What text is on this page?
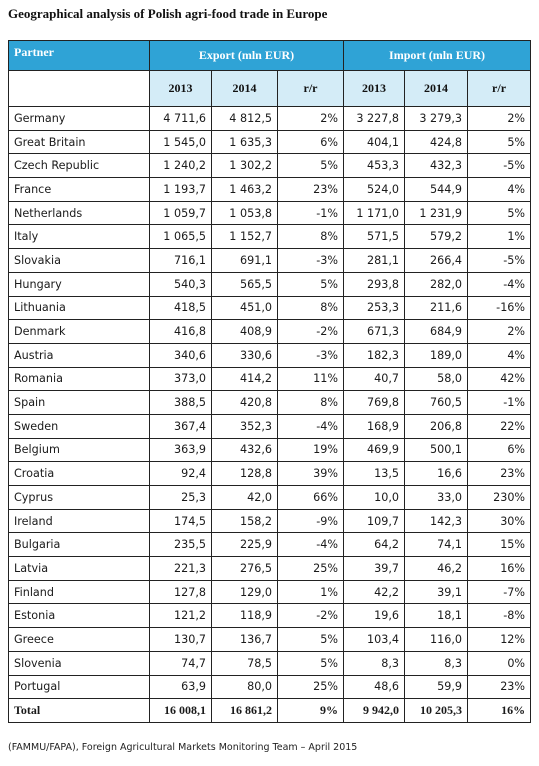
Geographical analysis of Polish agri-food trade in Europe
Partner	Export (mln EUR)			Import (mln EUR)		
	2013	2014	r/r	2013	2014	r/r
Germany	4 711,6	4 812,5	2%	3 227,8	3 279,3	2%
Great Britain	1 545,0	1 635,3	6%	404,1	424,8	5%
Czech Republic	1 240,2	1 302,2	5%	453,3	432,3	-5%
France	1 193,7	1 463,2	23%	524,0	544,9	4%
Netherlands	1 059,7	1 053,8	-1%	1 171,0	1 231,9	5%
Italy	1 065,5	1 152,7	8%	571,5	579,2	1%
Slovakia	716,1	691,1	-3%	281,1	266,4	-5%
Hungary	540,3	565,5	5%	293,8	282,0	-4%
Lithuania	418,5	451,0	8%	253,3	211,6	-16%
Denmark	416,8	408,9	-2%	671,3	684,9	2%
Austria	340,6	330,6	-3%	182,3	189,0	4%
Romania	373,0	414,2	11%	40,7	58,0	42%
Spain	388,5	420,8	8%	769,8	760,5	-1%
Sweden	367,4	352,3	-4%	168,9	206,8	22%
Belgium	363,9	432,6	19%	469,9	500,1	6%
Croatia	92,4	128,8	39%	13,5	16,6	23%
Cyprus	25,3	42,0	66%	10,0	33,0	230%
Ireland	174,5	158,2	-9%	109,7	142,3	30%
Bulgaria	235,5	225,9	-4%	64,2	74,1	15%
Latvia	221,3	276,5	25%	39,7	46,2	16%
Finland	127,8	129,0	1%	42,2	39,1	-7%
Estonia	121,2	118,9	-2%	19,6	18,1	-8%
Greece	130,7	136,7	5%	103,4	116,0	12%
Slovenia	74,7	78,5	5%	8,3	8,3	0%
Portugal	63,9	80,0	25%	48,6	59,9	23%
Total	16 008,1	16 861,2	9%	9 942,0	10 205,3	16%
(FAMMU/FAPA), Foreign Agricultural Markets Monitoring Team – April 2015
